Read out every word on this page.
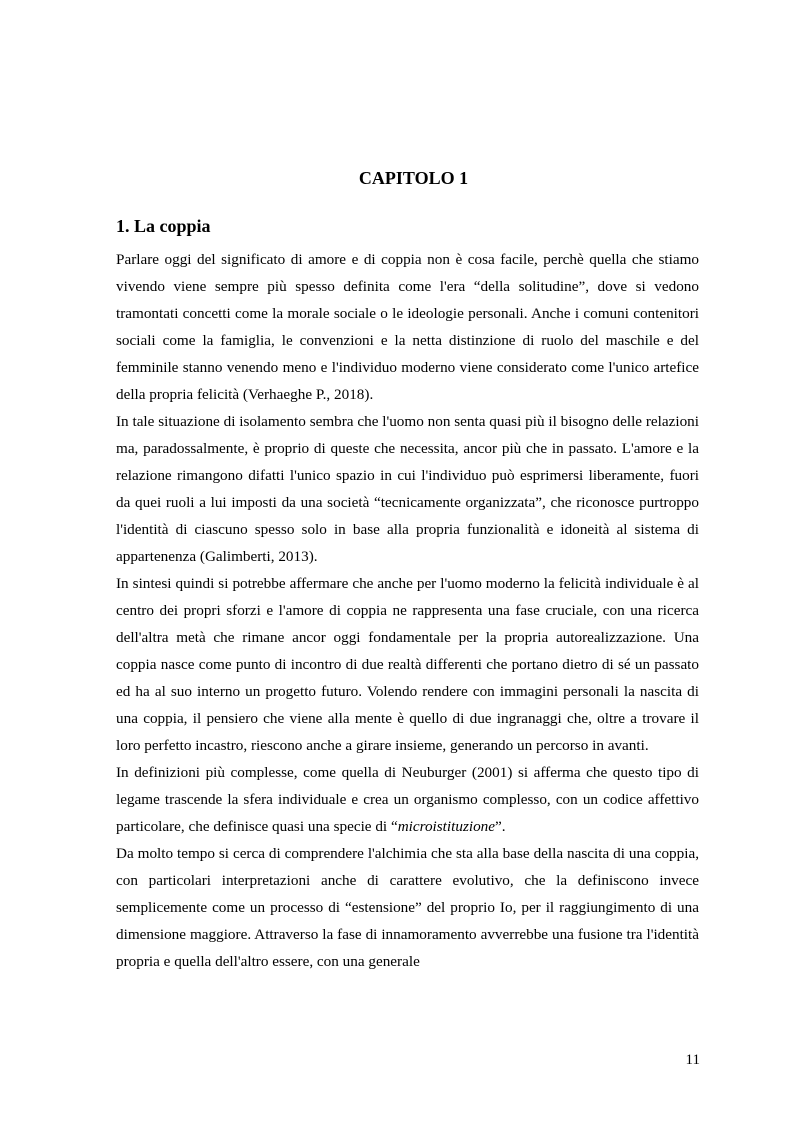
CAPITOLO 1
1. La coppia

Parlare oggi del significato di amore e di coppia non è cosa facile, perchè quella che stiamo vivendo viene sempre più spesso definita come l'era “della solitudine”, dove si vedono tramontati concetti come la morale sociale o le ideologie personali. Anche i comuni contenitori sociali come la famiglia, le convenzioni e la netta distinzione di ruolo del maschile e del femminile stanno venendo meno e l'individuo moderno viene considerato come l'unico artefice della propria felicità (Verhaeghe P., 2018).

In tale situazione di isolamento sembra che l'uomo non senta quasi più il bisogno delle relazioni ma, paradossalmente, è proprio di queste che necessita, ancor più che in passato. L'amore e la relazione rimangono difatti l'unico spazio in cui l'individuo può esprimersi liberamente, fuori da quei ruoli a lui imposti da una società “tecnicamente organizzata”, che riconosce purtroppo l'identità di ciascuno spesso solo in base alla propria funzionalità e idoneità al sistema di appartenenza (Galimberti, 2013).

In sintesi quindi si potrebbe affermare che anche per l'uomo moderno la felicità individuale è al centro dei propri sforzi e l'amore di coppia ne rappresenta una fase cruciale, con una ricerca dell'altra metà che rimane ancor oggi fondamentale per la propria autorealizzazione. Una coppia nasce come punto di incontro di due realtà differenti che portano dietro di sé un passato ed ha al suo interno un progetto futuro. Volendo rendere con immagini personali la nascita di una coppia, il pensiero che viene alla mente è quello di due ingranaggi che, oltre a trovare il loro perfetto incastro, riescono anche a girare insieme, generando un percorso in avanti.

In definizioni più complesse, come quella di Neuburger (2001) si afferma che questo tipo di legame trascende la sfera individuale e crea un organismo complesso, con un codice affettivo particolare, che definisce quasi una specie di “microistituzione”.

Da molto tempo si cerca di comprendere l'alchimia che sta alla base della nascita di una coppia, con particolari interpretazioni anche di carattere evolutivo, che la definiscono invece semplicemente come un processo di “estensione” del proprio Io, per il raggiungimento di una dimensione maggiore. Attraverso la fase di innamoramento avverrebbe una fusione tra l'identità propria e quella dell'altro essere, con una generale

11
